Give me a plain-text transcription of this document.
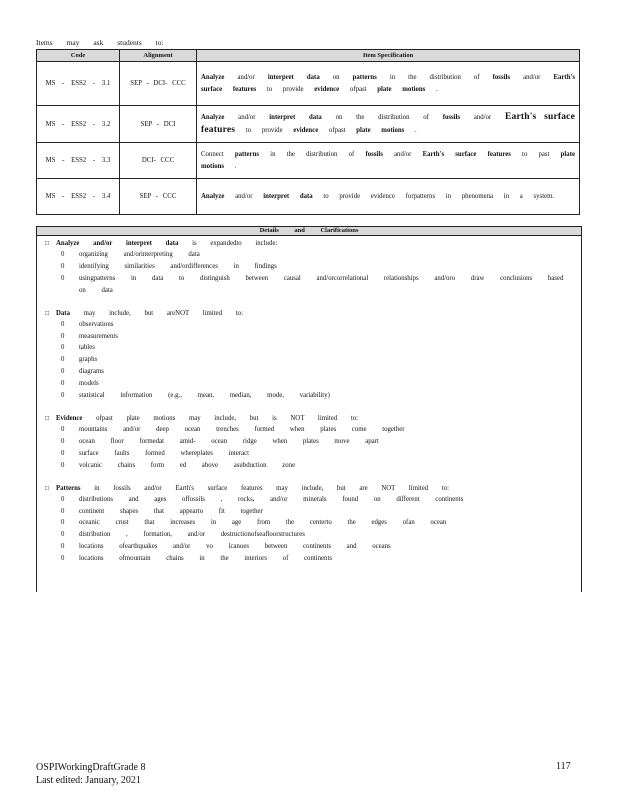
Items may ask students to:
Code	Alignment	Item Specification
MS - ESS2 - 3.1	SEP - DCI- CCC	Analyze and/or interpret data on patterns in the distribution of fossils and/or Earth's surface features to provide evidence ofpast plate motions .
MS - ESS2 - 3.2	SEP - DCI	Analyze and/or interpret data on the distribution of fossils and/or Earth's surface features to provide evidence ofpast plate motions .
MS - ESS2 - 3.3	DCI- CCC	Connect patterns in the distribution of fossils and/or Earth's surface features to past plate motions .
MS - ESS2 - 3.4	SEP - CCC	Analyze and/or interpret data to provide evidence forpatterns in phenomena in a system.
Details and Clarifications
□ Analyze and/or interpret data is expandedto include:
0 organizing and/orinterpreting data
0 identifying similarities and/ordifferences in findings
0 usingpatterns in data to distinguish between causal and/orcorrelational relationships and/oro draw conclusions based on data
□ Data may include, but areNOT limited to:
0 observations
0 measurements
0 tables
0 graphs
0 diagrams
0 models
0 statistical information (e.g., mean, median, mode, variability)
□ Evidence ofpast plate motions may include, but is NOT limited to:
0 mountains and/or deep ocean trenches formed when plates come together
0 ocean floor formedat amid- ocean ridge when plates move apart
0 surface faults formed whereplates interact
0 volcanic chains form ed above asubduction zone
□ Patterns in fossils and/or Earth's surface features may include, but are NOT limited to:
0 distributions and ages offossils , rocks, and/or minerals found on different continents
0 continent shapes that appearto fit together
0 oceanic crust that increases in age from the centerto the edges ofan ocean
0 distribution , formation, and/or destructionofseafloorstructures
0 locations ofearthquakes and/or vo lcanoes between continents and oceans
0 locations ofmountain chains in the interiors of continents
OSPIWorkingDraftGrade 8
Last edited: January, 2021
117
